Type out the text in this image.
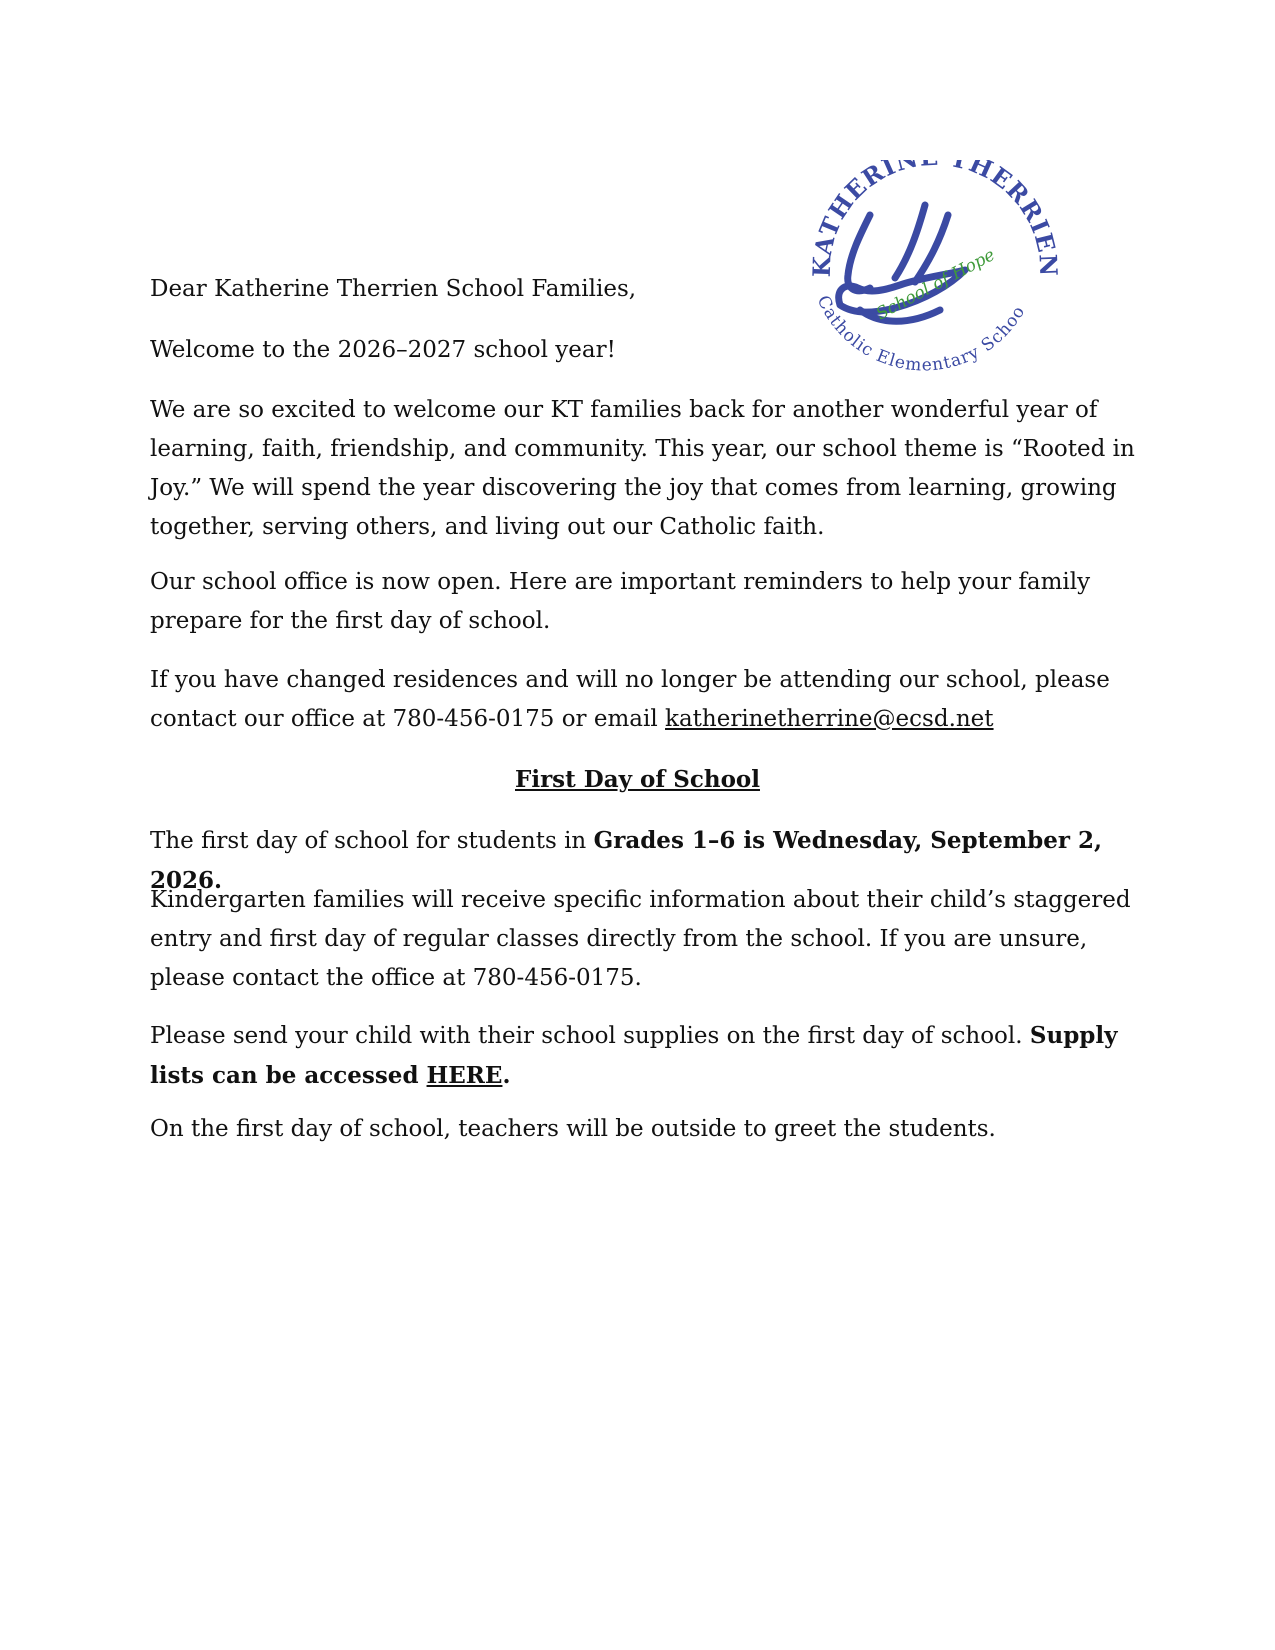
KATHERIN HERRIEN
Catholic Elementary Schoo
School of Hope

Dear Katherine Therrien School Families,

Welcome to the 2026–2027 school year!

We are so excited to welcome our KT families back for another wonderful year of learning, faith, friendship, and community. This year, our school theme is “Rooted in Joy.” We will spend the year discovering the joy that comes from learning, growing together, serving others, and living out our Catholic faith.

Our school office is now open. Here are important reminders to help your family prepare for the first day of school.

If you have changed residences and will no longer be attending our school, please contact our office at 780-456-0175 or email katherinetherrine@ecsd.net

First Day of School

The first day of school for students in Grades 1–6 is Wednesday, September 2, 2026.

Kindergarten families will receive specific information about their child’s staggered entry and first day of regular classes directly from the school. If you are unsure, please contact the office at 780-456-0175.

Please send your child with their school supplies on the first day of school. Supply lists can be accessed HERE.

On the first day of school, teachers will be outside to greet the students.
